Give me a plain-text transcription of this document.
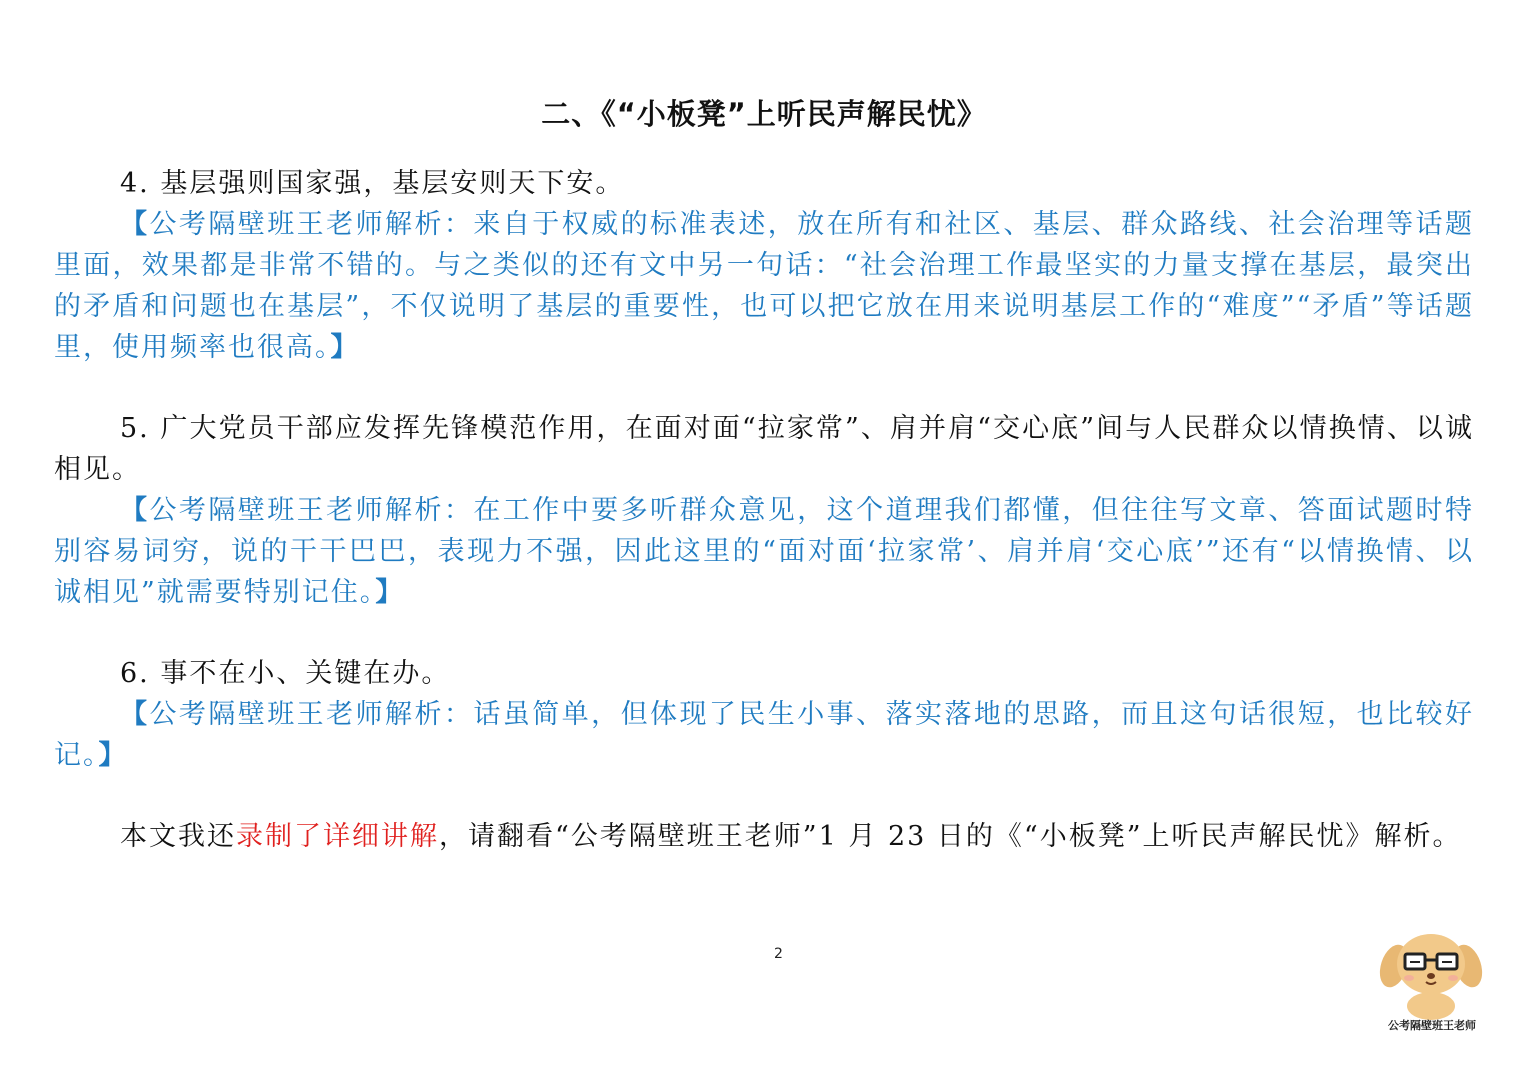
二、《“小板凳”上听民声解民忧》

4. 基层强则国家强，基层安则天下安。

【公考隔壁班王老师解析：来自于权威的标准表述，放在所有和社区、基层、群众路线、社会治理等话题里面，效果都是非常不错的。与之类似的还有文中另一句话：“社会治理工作最坚实的力量支撑在基层，最突出的矛盾和问题也在基层”，不仅说明了基层的重要性，也可以把它放在用来说明基层工作的“难度”“矛盾”等话题里，使用频率也很高。】

5. 广大党员干部应发挥先锋模范作用，在面对面“拉家常”、肩并肩“交心底”间与人民群众以情换情、以诚相见。

【公考隔壁班王老师解析：在工作中要多听群众意见，这个道理我们都懂，但往往写文章、答面试题时特别容易词穷，说的干干巴巴，表现力不强，因此这里的“面对面‘拉家常’、肩并肩‘交心底’”还有“以情换情、以诚相见”就需要特别记住。】

6. 事不在小、关键在办。

【公考隔壁班王老师解析：话虽简单，但体现了民生小事、落实落地的思路，而且这句话很短，也比较好记。】

本文我还录制了详细讲解，请翻看“公考隔壁班王老师”1 月 23 日的《“小板凳”上听民声解民忧》解析。

2
公考隔壁班王老师
